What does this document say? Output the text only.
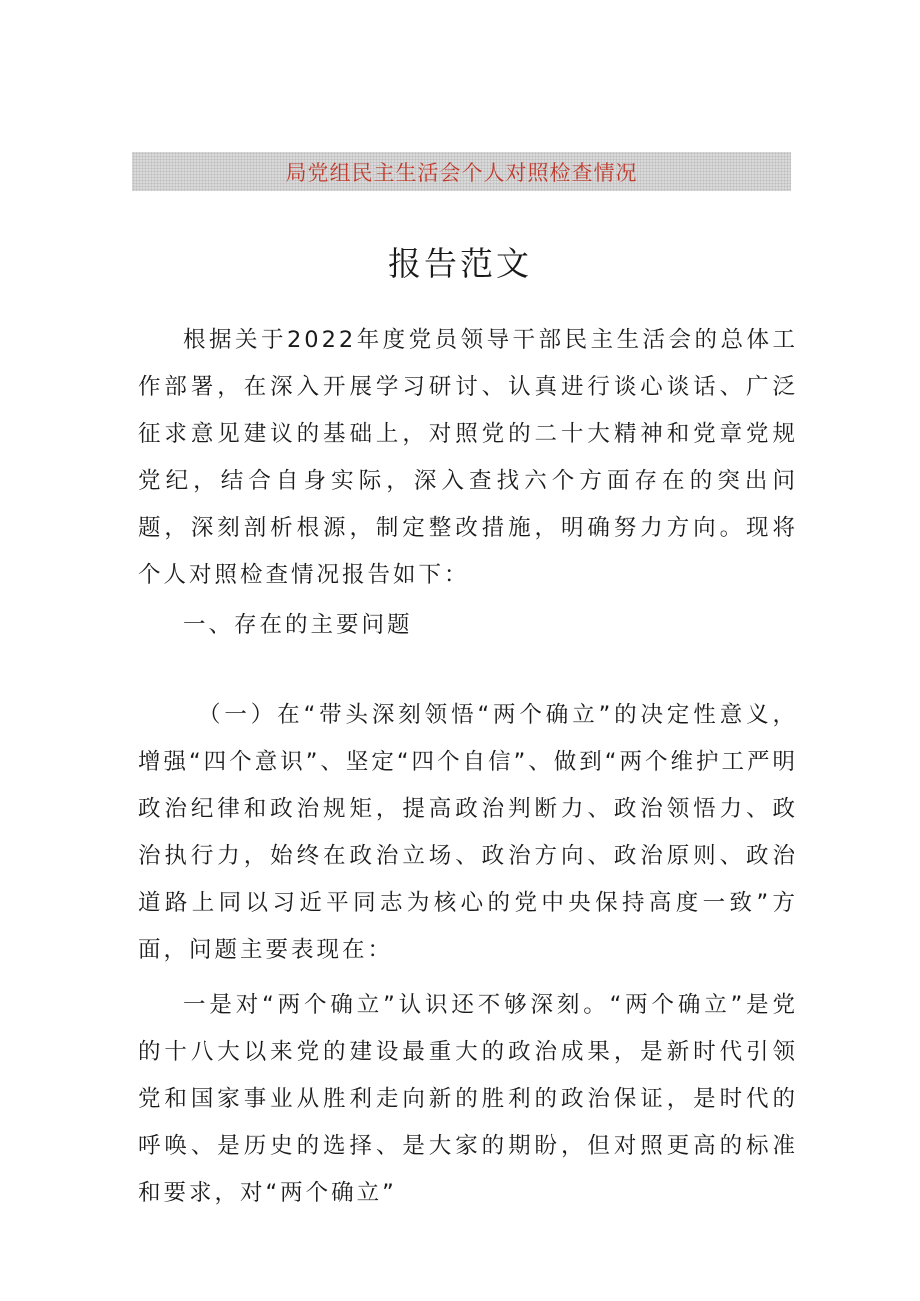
局党组民主生活会个人对照检查情况
报告范文

根据关于2022年度党员领导干部民主生活会的总体工作部署，在深入开展学习研讨、认真进行谈心谈话、广泛征求意见建议的基础上，对照党的二十大精神和党章党规党纪，结合自身实际，深入查找六个方面存在的突出问题，深刻剖析根源，制定整改措施，明确努力方向。现将个人对照检查情况报告如下：

一、存在的主要问题

（一）在“带头深刻领悟“两个确立”的决定性意义，增强“四个意识”、坚定“四个自信”、做到“两个维护工严明政治纪律和政治规矩，提高政治判断力、政治领悟力、政治执行力，始终在政治立场、政治方向、政治原则、政治道路上同以习近平同志为核心的党中央保持高度一致”方面，问题主要表现在：

一是对“两个确立”认识还不够深刻。“两个确立”是党的十八大以来党的建设最重大的政治成果，是新时代引领党和国家事业从胜利走向新的胜利的政治保证，是时代的呼唤、是历史的选择、是大家的期盼，但对照更高的标准和要求，对“两个确立”
